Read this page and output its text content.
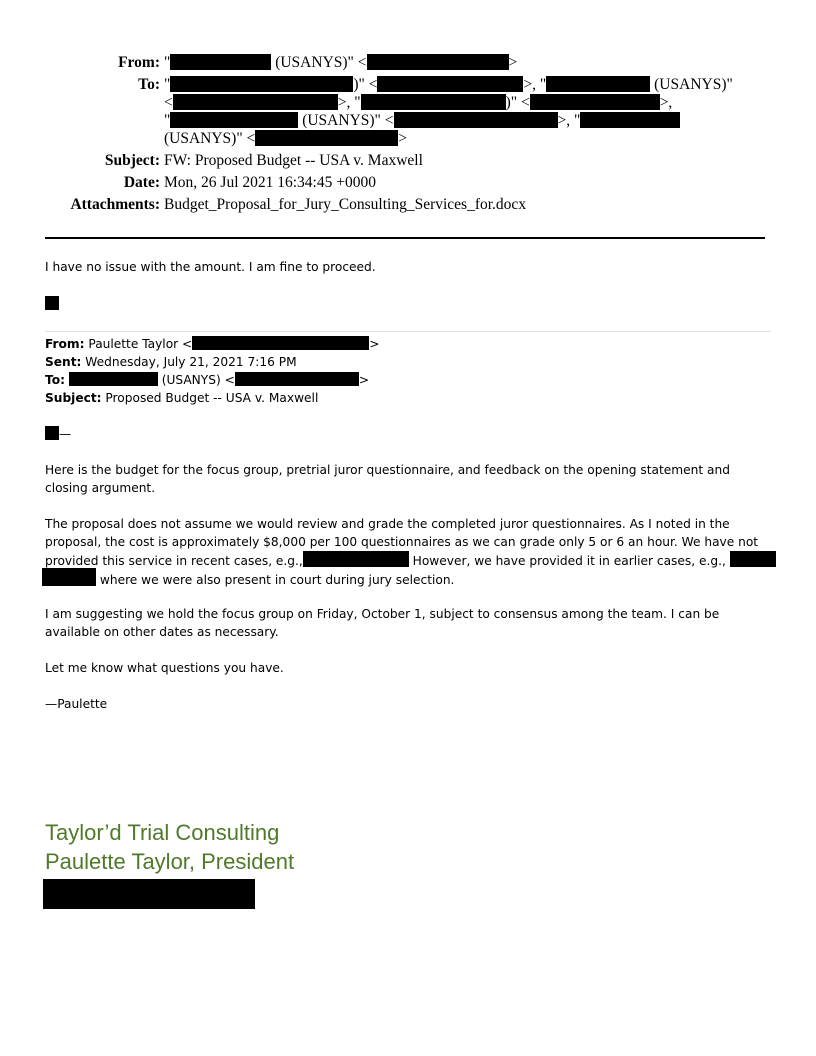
From: "	(USANYS)" <	>
To: "	)" <	>, "	(USANYS)"
<	>, "	)" <	>,
"	(USANYS)" <	>, "
(USANYS)" <	>
Subject: FW: Proposed Budget -- USA v. Maxwell
Date: Mon, 26 Jul 2021 16:34:45 +0000
Attachments: Budget_Proposal_for_Jury_Consulting_Services_for.docx
I have no issue with the amount. I am fine to proceed.
From: Paulette Taylor <	>
Sent: Wednesday, July 21, 2021 7:16 PM
To:	(USANYS) <	>
Subject: Proposed Budget -- USA v. Maxwell
—
Here is the budget for the focus group, pretrial juror questionnaire, and feedback on the opening statement and closing argument.
The proposal does not assume we would review and grade the completed juror questionnaires. As I noted in the
proposal, the cost is approximately $8,000 per 100 questionnaires as we can grade only 5 or 6 an hour. We have not
provided this service in recent cases, e.g.,	However, we have provided it in earlier cases, e.g.,
where we were also present in court during jury selection.
I am suggesting we hold the focus group on Friday, October 1, subject to consensus among the team. I can be available on other dates as necessary.
Let me know what questions you have.
—Paulette
Taylor’d Trial Consulting
Paulette Taylor, President
